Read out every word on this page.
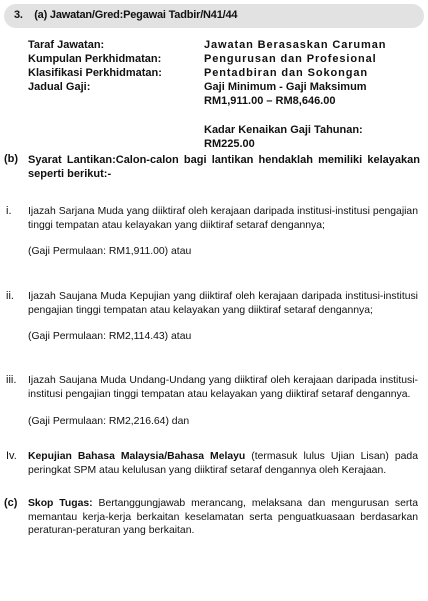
3. (a) Jawatan/Gred:Pegawai Tadbir/N41/44
Taraf Jawatan:	Jawatan Berasaskan Caruman
Kumpulan Perkhidmatan:	Pengurusan dan Profesional
Klasifikasi Perkhidmatan:	Pentadbiran dan Sokongan
Jadual Gaji:	Gaji Minimum - Gaji Maksimum
RM1,911.00 – RM8,646.00
Kadar Kenaikan Gaji Tahunan:
RM225.00
(b) Syarat Lantikan:Calon-calon bagi lantikan hendaklah memiliki kelayakan seperti berikut:-
i. Ijazah Sarjana Muda yang diiktiraf oleh kerajaan daripada institusi-institusi pengajian tinggi tempatan atau kelayakan yang diiktiraf setaraf dengannya;
(Gaji Permulaan: RM1,911.00) atau
ii. Ijazah Saujana Muda Kepujian yang diiktiraf oleh kerajaan daripada institusi-institusi pengajian tinggi tempatan atau kelayakan yang diiktiraf setaraf dengannya;
(Gaji Permulaan: RM2,114.43) atau
iii. Ijazah Saujana Muda Undang-Undang yang diiktiraf oleh kerajaan daripada institusi-institusi pengajian tinggi tempatan atau kelayakan yang diiktiraf setaraf dengannya.
(Gaji Permulaan: RM2,216.64) dan
Iv. Kepujian Bahasa Malaysia/Bahasa Melayu (termasuk lulus Ujian Lisan) pada peringkat SPM atau kelulusan yang diiktiraf setaraf dengannya oleh Kerajaan.
(c) Skop Tugas: Bertanggungjawab merancang, melaksana dan mengurusan serta memantau kerja-kerja berkaitan keselamatan serta penguatkuasaan berdasarkan peraturan-peraturan yang berkaitan.
